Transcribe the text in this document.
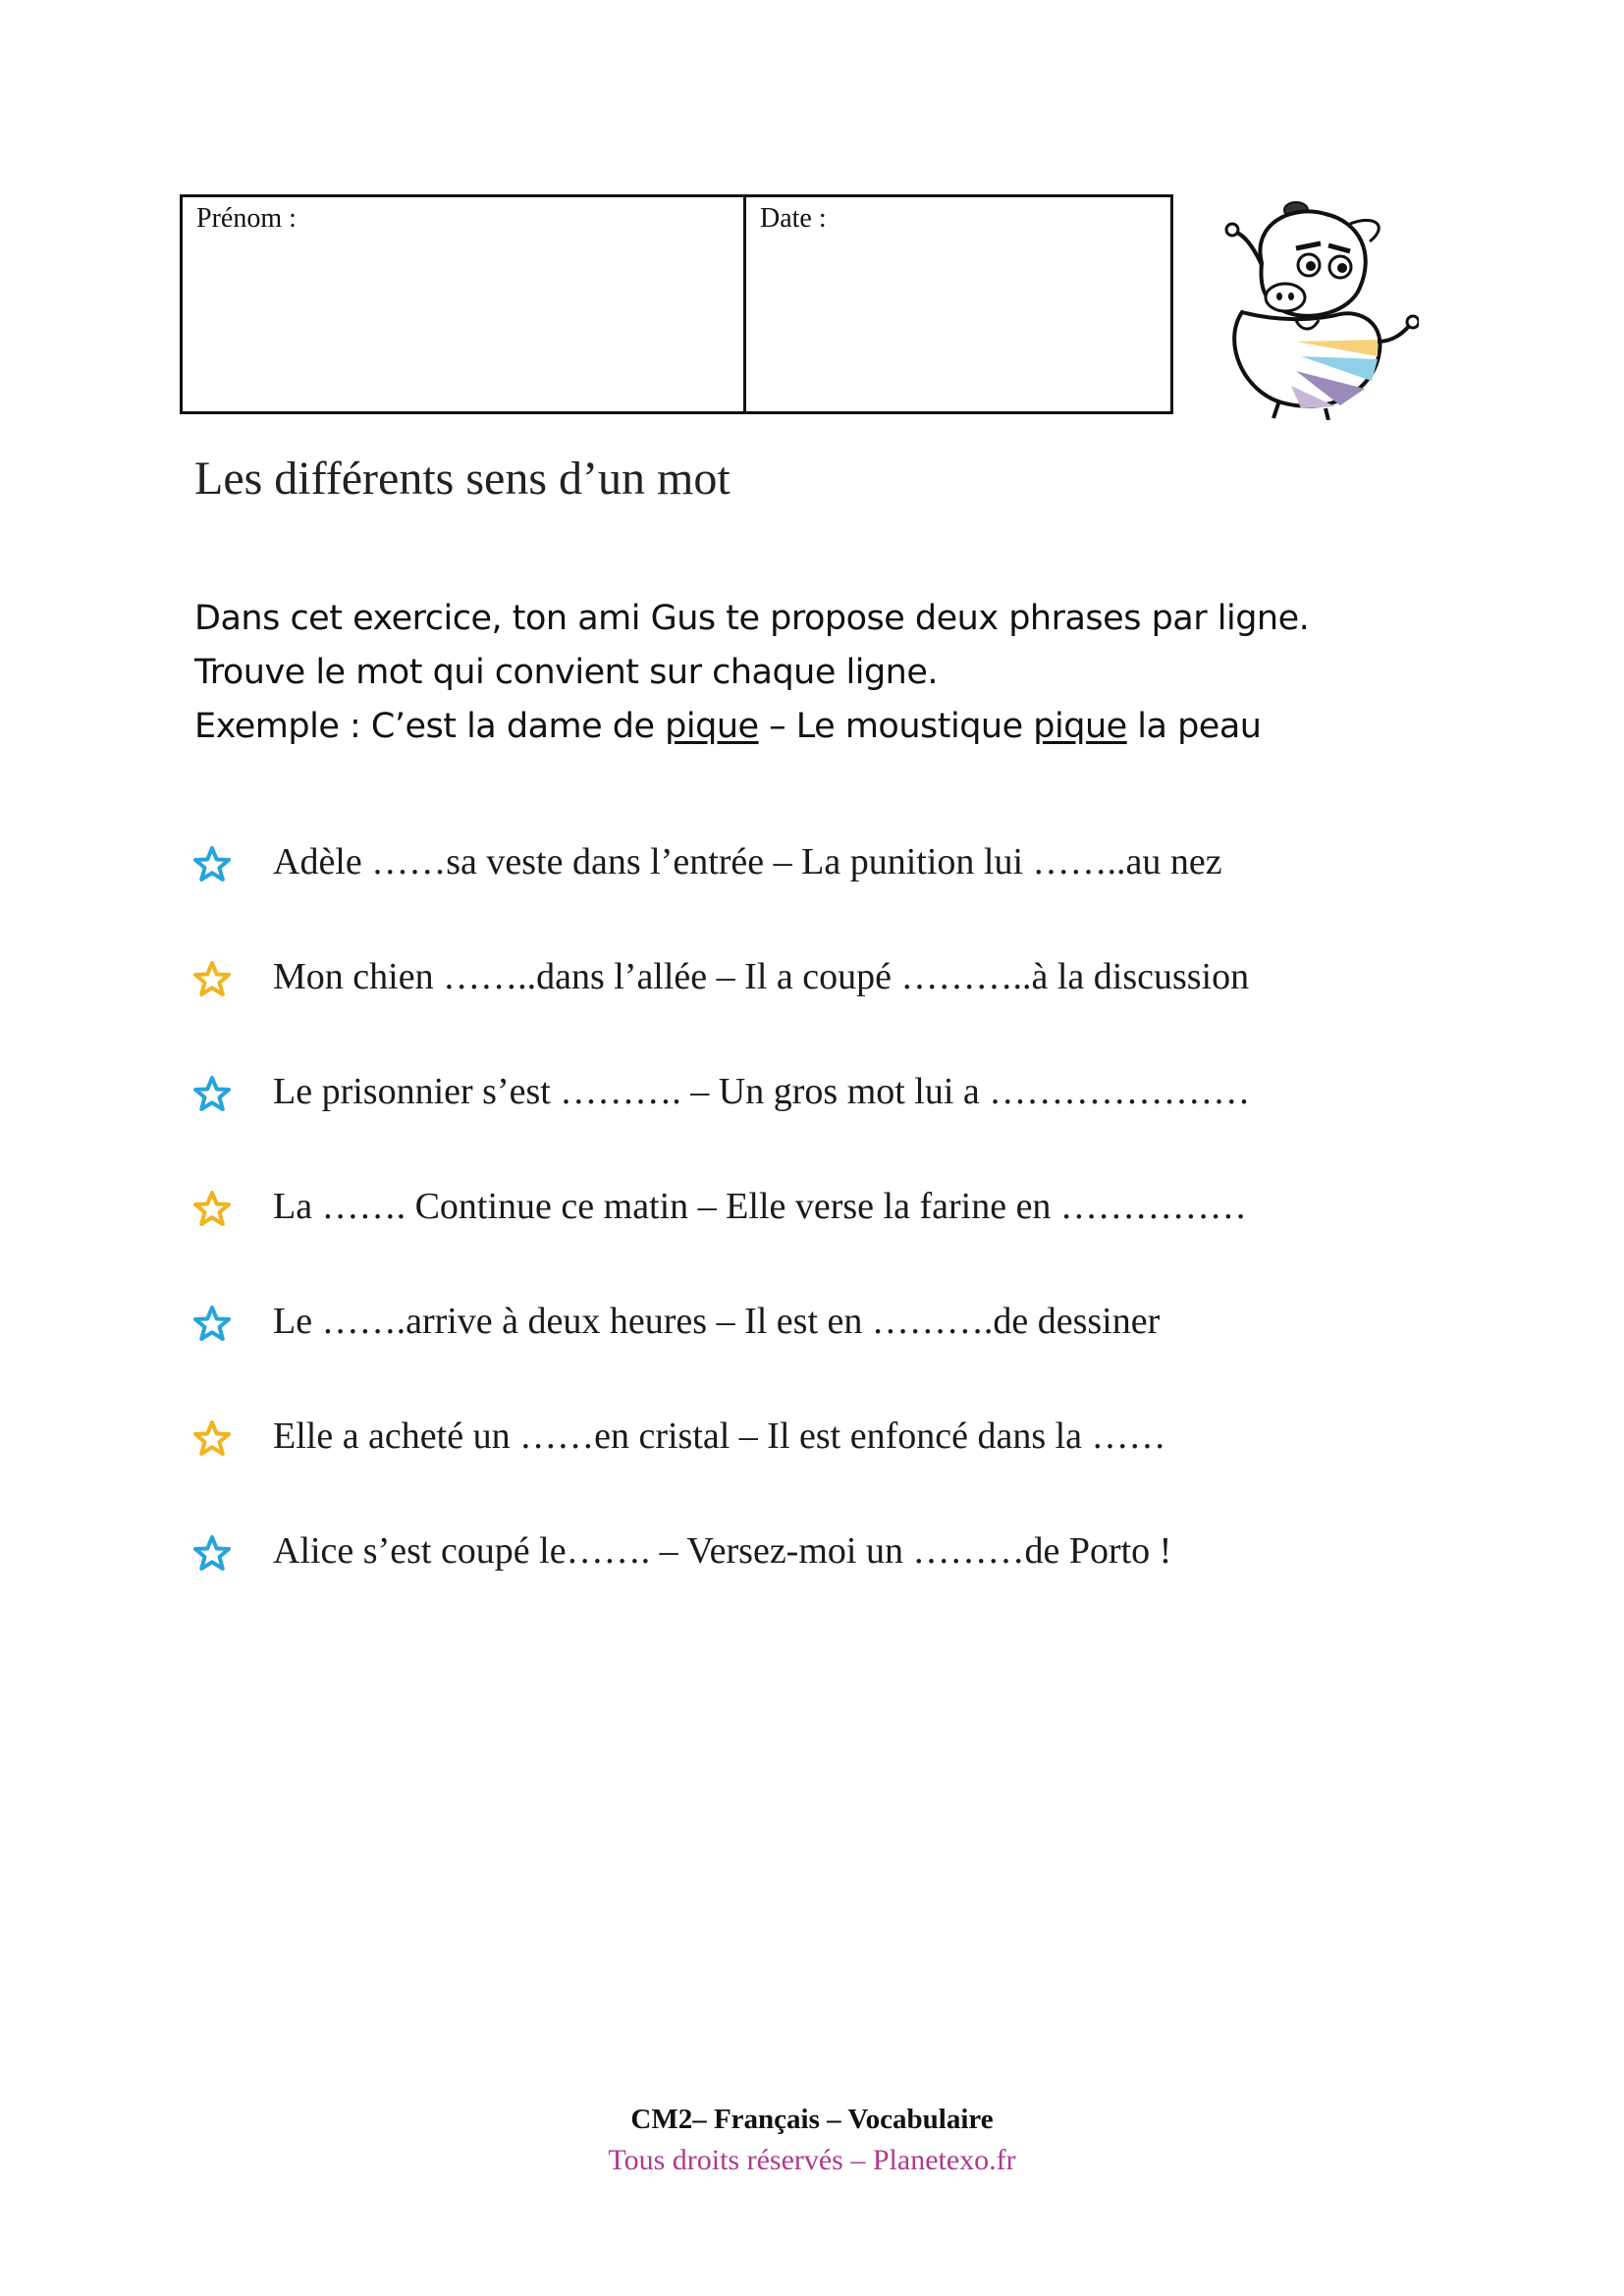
Prénom :	Date :
Les différents sens d’un mot
Dans cet exercice, ton ami Gus te propose deux phrases par ligne.
Trouve le mot qui convient sur chaque ligne.
Exemple : C’est la dame de pique – Le moustique pique la peau
Adèle ……sa veste dans l’entrée – La punition lui ……..au nez
Mon chien ……..dans l’allée – Il a coupé ………..à la discussion
Le prisonnier s’est ………. – Un gros mot lui a …………………
La ……. Continue ce matin – Elle verse la farine en ……………
Le …….arrive à deux heures – Il est en ……….de dessiner
Elle a acheté un ……en cristal – Il est enfoncé dans la ……
Alice s’est coupé le……. – Versez-moi un ………de Porto !
CM2– Français – Vocabulaire
Tous droits réservés – Planetexo.fr
